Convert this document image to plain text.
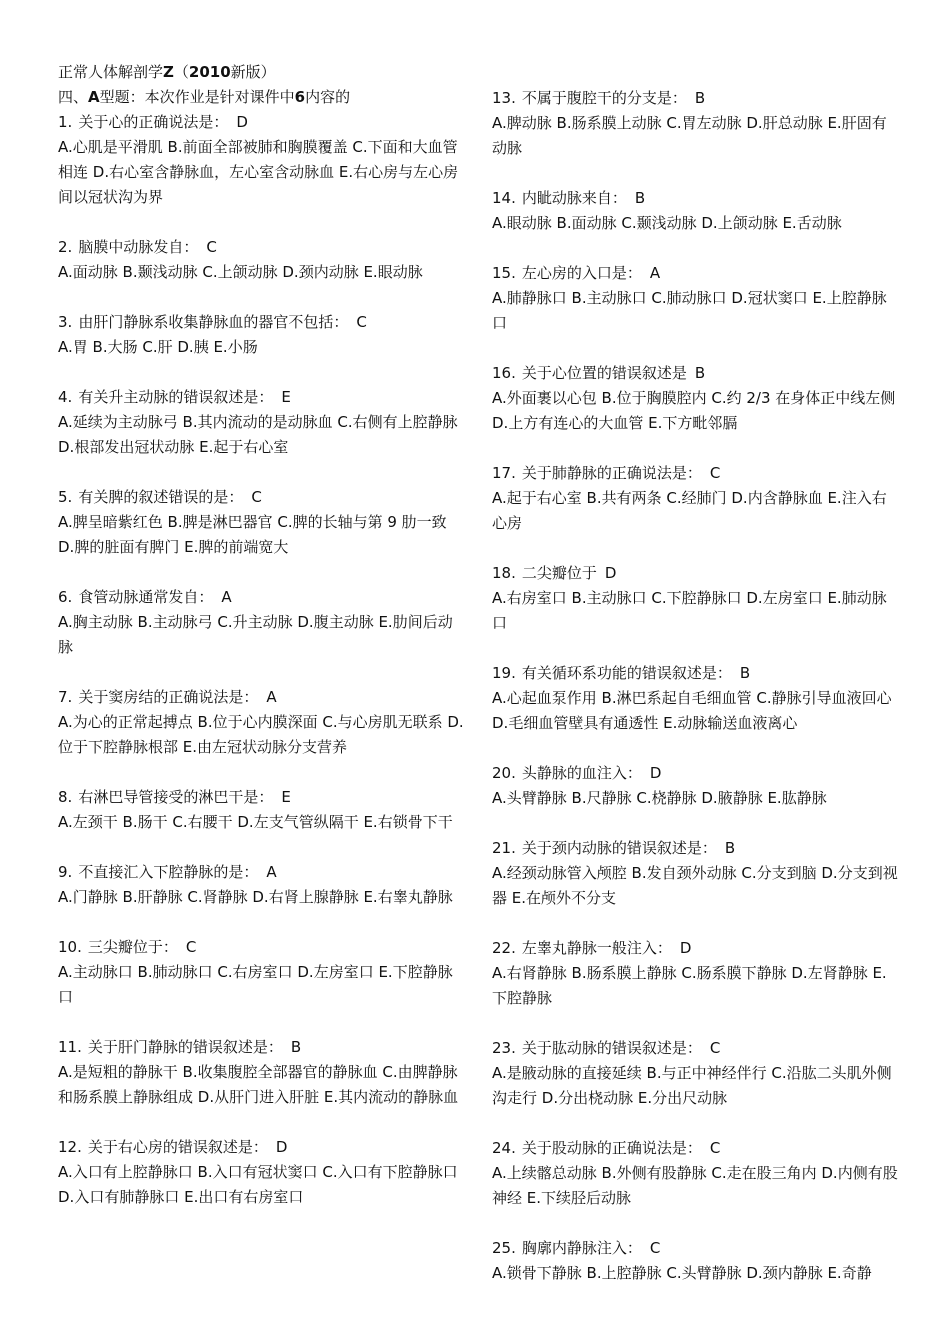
正常人体解剖学Z（2010新版）
四、A型题：本次作业是针对课件中6内容的
1. 关于心的正确说法是： D
A.心肌是平滑肌 B.前面全部被肺和胸膜覆盖 C.下面和大血管相连 D.右心室含静脉血，左心室含动脉血 E.右心房与左心房间以冠状沟为界
2. 脑膜中动脉发自： C
A.面动脉 B.颞浅动脉 C.上颌动脉 D.颈内动脉 E.眼动脉
3. 由肝门静脉系收集静脉血的器官不包括： C
A.胃 B.大肠 C.肝 D.胰 E.小肠
4. 有关升主动脉的错误叙述是： E
A.延续为主动脉弓 B.其内流动的是动脉血 C.右侧有上腔静脉 D.根部发出冠状动脉 E.起于右心室
5. 有关脾的叙述错误的是： C
A.脾呈暗紫红色 B.脾是淋巴器官 C.脾的长轴与第 9 肋一致 D.脾的脏面有脾门 E.脾的前端宽大
6. 食管动脉通常发自： A
A.胸主动脉 B.主动脉弓 C.升主动脉 D.腹主动脉 E.肋间后动脉
7. 关于窦房结的正确说法是： A
A.为心的正常起搏点 B.位于心内膜深面 C.与心房肌无联系 D.位于下腔静脉根部 E.由左冠状动脉分支营养
8. 右淋巴导管接受的淋巴干是： E
A.左颈干 B.肠干 C.右腰干 D.左支气管纵隔干 E.右锁骨下干
9. 不直接汇入下腔静脉的是： A
A.门静脉 B.肝静脉 C.肾静脉 D.右肾上腺静脉 E.右睾丸静脉
10. 三尖瓣位于： C
A.主动脉口 B.肺动脉口 C.右房室口 D.左房室口 E.下腔静脉口
11. 关于肝门静脉的错误叙述是： B
A.是短粗的静脉干 B.收集腹腔全部器官的静脉血 C.由脾静脉和肠系膜上静脉组成 D.从肝门进入肝脏 E.其内流动的静脉血
12. 关于右心房的错误叙述是： D
A.入口有上腔静脉口 B.入口有冠状窦口 C.入口有下腔静脉口 D.入口有肺静脉口 E.出口有右房室口
13. 不属于腹腔干的分支是： B
A.脾动脉 B.肠系膜上动脉 C.胃左动脉 D.肝总动脉 E.肝固有动脉
14. 内眦动脉来自： B
A.眼动脉 B.面动脉 C.颞浅动脉 D.上颌动脉 E.舌动脉
15. 左心房的入口是： A
A.肺静脉口 B.主动脉口 C.肺动脉口 D.冠状窦口 E.上腔静脉口
16. 关于心位置的错误叙述是 B
A.外面裹以心包 B.位于胸膜腔内 C.约 2/3 在身体正中线左侧 D.上方有连心的大血管 E.下方毗邻膈
17. 关于肺静脉的正确说法是： C
A.起于右心室 B.共有两条 C.经肺门 D.内含静脉血 E.注入右心房
18. 二尖瓣位于 D
A.右房室口 B.主动脉口 C.下腔静脉口 D.左房室口 E.肺动脉口
19. 有关循环系功能的错误叙述是： B
A.心起血泵作用 B.淋巴系起自毛细血管 C.静脉引导血液回心 D.毛细血管壁具有通透性 E.动脉输送血液离心
20. 头静脉的血注入： D
A.头臂静脉 B.尺静脉 C.桡静脉 D.腋静脉 E.肱静脉
21. 关于颈内动脉的错误叙述是： B
A.经颈动脉管入颅腔 B.发自颈外动脉 C.分支到脑 D.分支到视器 E.在颅外不分支
22. 左睾丸静脉一般注入： D
A.右肾静脉 B.肠系膜上静脉 C.肠系膜下静脉 D.左肾静脉 E.下腔静脉
23. 关于肱动脉的错误叙述是： C
A.是腋动脉的直接延续 B.与正中神经伴行 C.沿肱二头肌外侧沟走行 D.分出桡动脉 E.分出尺动脉
24. 关于股动脉的正确说法是： C
A.上续髂总动脉 B.外侧有股静脉 C.走在股三角内 D.内侧有股神经 E.下续胫后动脉
25. 胸廓内静脉注入： C
A.锁骨下静脉 B.上腔静脉 C.头臂静脉 D.颈内静脉 E.奇静
